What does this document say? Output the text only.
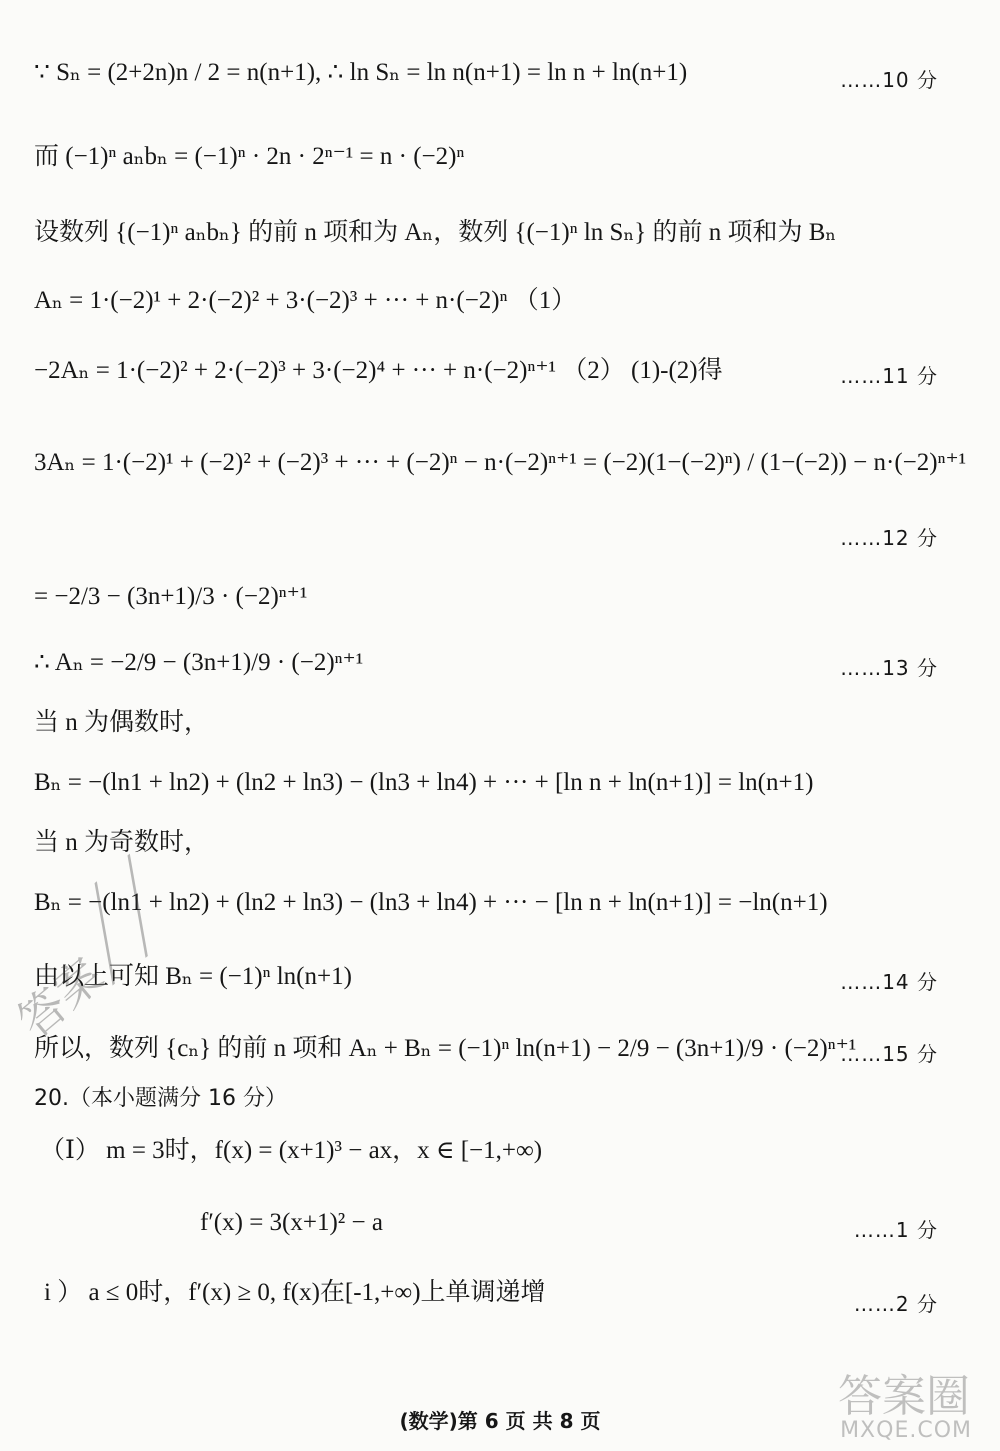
∵ Sₙ = (2+2n)n / 2 = n(n+1), ∴ ln Sₙ = ln n(n+1) = ln n + ln(n+1)	……10 分
而 (−1)ⁿ aₙbₙ = (−1)ⁿ · 2n · 2ⁿ⁻¹ = n · (−2)ⁿ
设数列 {(−1)ⁿ aₙbₙ} 的前 n 项和为 Aₙ，数列 {(−1)ⁿ ln Sₙ} 的前 n 项和为 Bₙ
Aₙ = 1·(−2)¹ + 2·(−2)² + 3·(−2)³ + ··· + n·(−2)ⁿ （1）
−2Aₙ = 1·(−2)² + 2·(−2)³ + 3·(−2)⁴ + ··· + n·(−2)ⁿ⁺¹ （2） (1)-(2)得	……11 分
3Aₙ = 1·(−2)¹ + (−2)² + (−2)³ + ··· + (−2)ⁿ − n·(−2)ⁿ⁺¹ = (−2)(1−(−2)ⁿ) / (1−(−2)) − n·(−2)ⁿ⁺¹
……12 分
= −2/3 − (3n+1)/3 · (−2)ⁿ⁺¹
∴ Aₙ = −2/9 − (3n+1)/9 · (−2)ⁿ⁺¹	……13 分
当 n 为偶数时，
Bₙ = −(ln1 + ln2) + (ln2 + ln3) − (ln3 + ln4) + ··· + [ln n + ln(n+1)] = ln(n+1)
当 n 为奇数时，
Bₙ = −(ln1 + ln2) + (ln2 + ln3) − (ln3 + ln4) + ··· − [ln n + ln(n+1)] = −ln(n+1)
由以上可知 Bₙ = (−1)ⁿ ln(n+1)	……14 分
所以，数列 {cₙ} 的前 n 项和 Aₙ + Bₙ = (−1)ⁿ ln(n+1) − 2/9 − (3n+1)/9 · (−2)ⁿ⁺¹
……15 分
20.（本小题满分 16 分）
（Ⅰ） m = 3时，f(x) = (x+1)³ − ax，x ∈ [−1,+∞)
f′(x) = 3(x+1)² − a	……1 分
i ） a ≤ 0时，f′(x) ≥ 0, f(x)在[-1,+∞)上单调递增	……2 分
(数学)第 6 页 共 8 页
答案
答案圈
MXQE.COM
